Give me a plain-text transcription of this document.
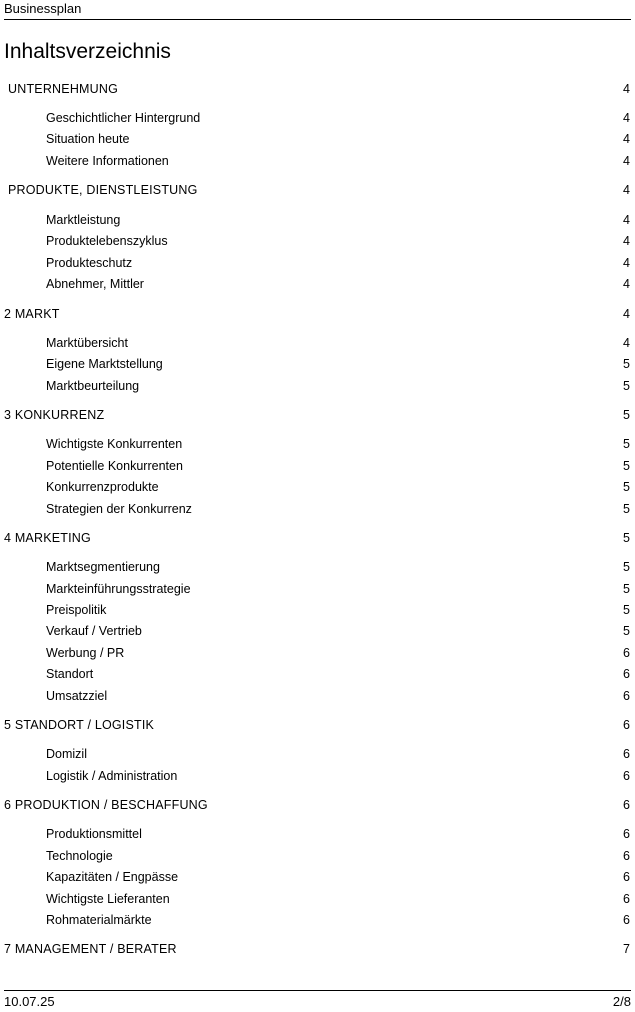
Businessplan
Inhaltsverzeichnis
UNTERNEHMUNG	4
Geschichtlicher Hintergrund	4
Situation heute	4
Weitere Informationen	4
PRODUKTE, DIENSTLEISTUNG	4
Marktleistung	4
Produktelebenszyklus	4
Produkteschutz	4
Abnehmer, Mittler	4
2 MARKT	4
Marktübersicht	4
Eigene Marktstellung	5
Marktbeurteilung	5
3 KONKURRENZ	5
Wichtigste Konkurrenten	5
Potentielle Konkurrenten	5
Konkurrenzprodukte	5
Strategien der Konkurrenz	5
4 MARKETING	5
Marktsegmentierung	5
Markteinführungsstrategie	5
Preispolitik	5
Verkauf / Vertrieb	5
Werbung / PR	6
Standort	6
Umsatzziel	6
5 STANDORT / LOGISTIK	6
Domizil	6
Logistik / Administration	6
6 PRODUKTION / BESCHAFFUNG	6
Produktionsmittel	6
Technologie	6
Kapazitäten / Engpässe	6
Wichtigste Lieferanten	6
Rohmaterialmärkte	6
7 MANAGEMENT / BERATER	7
10.07.25	2/8
